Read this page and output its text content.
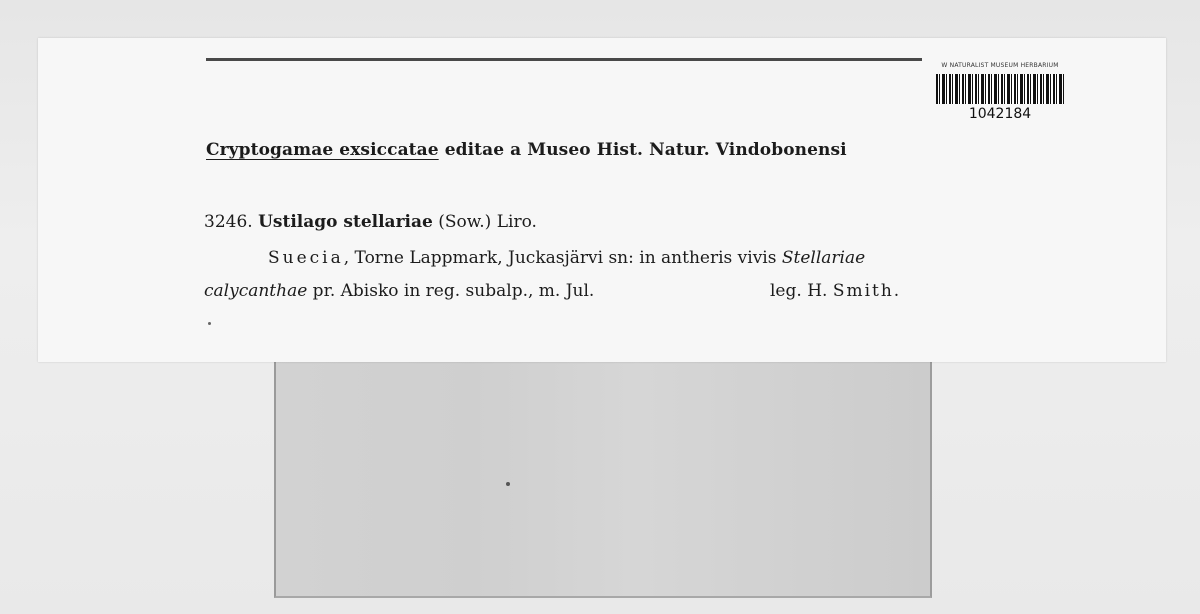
W NATURALIST MUSEUM HERBARIUM
1042184
Cryptogamae exsiccatae editae a Museo Hist. Natur. Vindobonensi
3246. Ustilago stellariae (Sow.) Liro.
Suecia, Torne Lappmark, Juckasjärvi sn: in antheris vivis Stellariae
calycanthae pr. Abisko in reg. subalp., m. Jul.	leg. H. Smith.
